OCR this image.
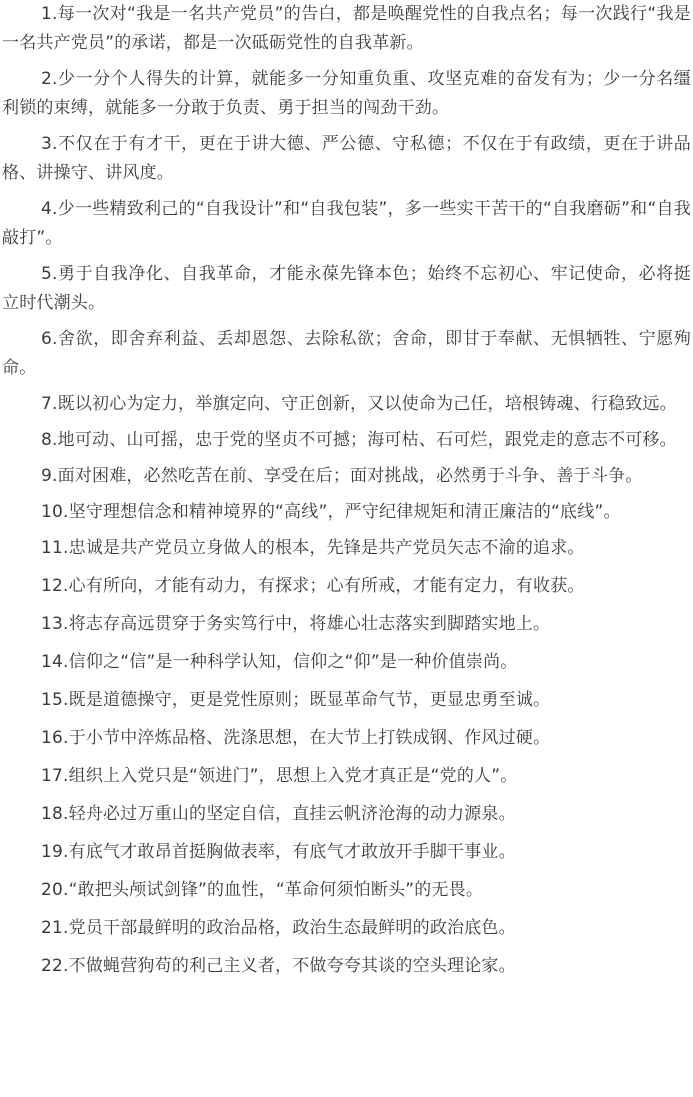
1.每一次对“我是一名共产党员”的告白，都是唤醒党性的自我点名；每一次践行“我是一名共产党员”的承诺，都是一次砥砺党性的自我革新。

2.少一分个人得失的计算，就能多一分知重负重、攻坚克难的奋发有为；少一分名缰利锁的束缚，就能多一分敢于负责、勇于担当的闯劲干劲。

3.不仅在于有才干，更在于讲大德、严公德、守私德；不仅在于有政绩，更在于讲品格、讲操守、讲风度。

4.少一些精致利己的“自我设计”和“自我包装”，多一些实干苦干的“自我磨砺”和“自我敲打”。

5.勇于自我净化、自我革命，才能永葆先锋本色；始终不忘初心、牢记使命，必将挺立时代潮头。

6.舍欲，即舍弃利益、丢却恩怨、去除私欲；舍命，即甘于奉献、无惧牺牲、宁愿殉命。

7.既以初心为定力，举旗定向、守正创新，又以使命为己任，培根铸魂、行稳致远。

8.地可动、山可摇，忠于党的坚贞不可撼；海可枯、石可烂，跟党走的意志不可移。

9.面对困难，必然吃苦在前、享受在后；面对挑战，必然勇于斗争、善于斗争。

10.坚守理想信念和精神境界的“高线”，严守纪律规矩和清正廉洁的“底线”。

11.忠诚是共产党员立身做人的根本，先锋是共产党员矢志不渝的追求。

12.心有所向，才能有动力，有探求；心有所戒，才能有定力，有收获。

13.将志存高远贯穿于务实笃行中，将雄心壮志落实到脚踏实地上。

14.信仰之“信”是一种科学认知，信仰之“仰”是一种价值崇尚。

15.既是道德操守，更是党性原则；既显革命气节，更显忠勇至诚。

16.于小节中淬炼品格、洗涤思想，在大节上打铁成钢、作风过硬。

17.组织上入党只是“领进门”，思想上入党才真正是“党的人”。

18.轻舟必过万重山的坚定自信，直挂云帆济沧海的动力源泉。

19.有底气才敢昂首挺胸做表率，有底气才敢放开手脚干事业。

20.“敢把头颅试剑锋”的血性，“革命何须怕断头”的无畏。

21.党员干部最鲜明的政治品格，政治生态最鲜明的政治底色。

22.不做蝇营狗苟的利己主义者，不做夸夸其谈的空头理论家。
